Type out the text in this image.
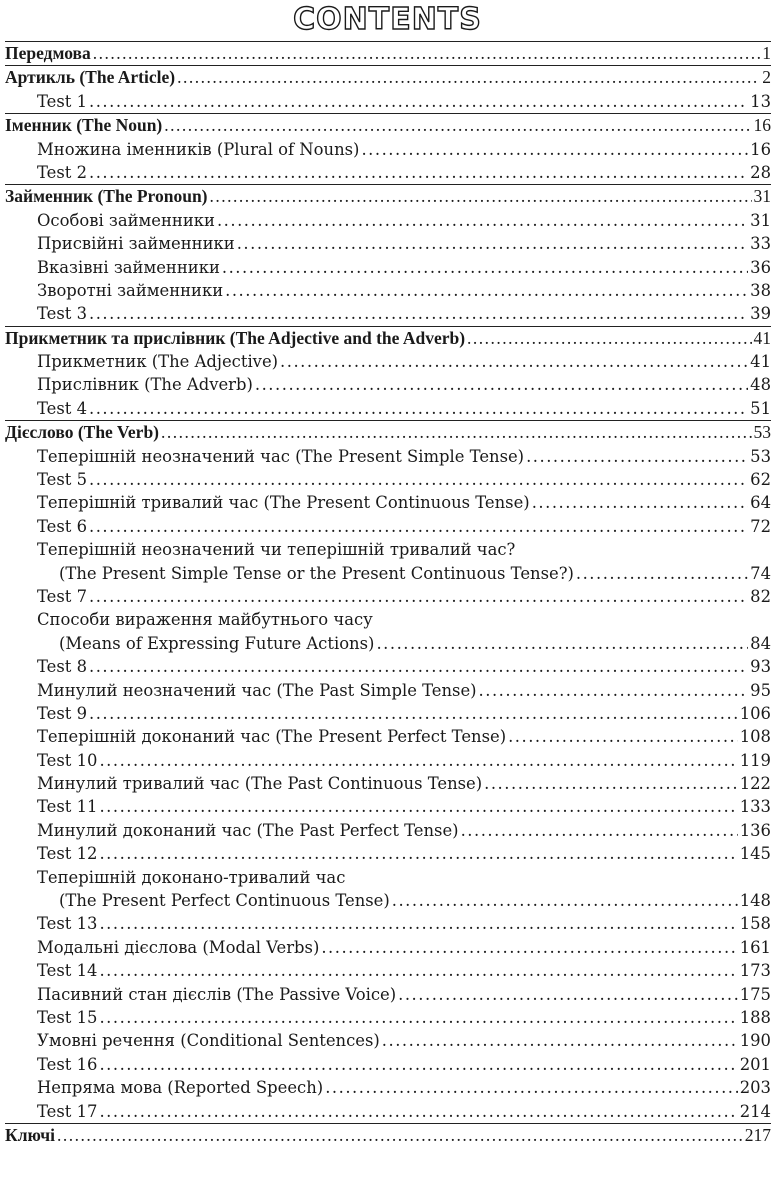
CONTENTS
Передмова .....	1
Артикль (The Article) .....	2
Test 1 .....	13
Іменник (The Noun) .....	16
Множина іменників (Plural of Nouns) .....	16
Test 2 .....	28
Займенник (The Pronoun) .....	31
Особові займенники .....	31
Присвійні займенники .....	33
Вказівні займенники .....	36
Зворотні займенники .....	38
Test 3 .....	39
Прикметник та прислівник (The Adjective and the Adverb) .....	41
Прикметник (The Adjective) .....	41
Прислівник (The Adverb) .....	48
Test 4 .....	51
Дієслово (The Verb) .....	53
Теперішній неозначений час (The Present Simple Tense) .....	53
Test 5 .....	62
Теперішній тривалий час (The Present Continuous Tense) .....	64
Test 6 .....	72
Теперішній неозначений чи теперішній тривалий час?
(The Present Simple Tense or the Present Continuous Tense?) .....	74
Test 7 .....	82
Способи вираження майбутнього часу
(Means of Expressing Future Actions) .....	84
Test 8 .....	93
Минулий неозначений час (The Past Simple Tense) .....	95
Test 9 .....	106
Теперішній доконаний час (The Present Perfect Tense) .....	108
Test 10 .....	119
Минулий тривалий час (The Past Continuous Tense) .....	122
Test 11 .....	133
Минулий доконаний час (The Past Perfect Tense) .....	136
Test 12 .....	145
Теперішній доконано-тривалий час
(The Present Perfect Continuous Tense) .....	148
Test 13 .....	158
Модальні дієслова (Modal Verbs) .....	161
Test 14 .....	173
Пасивний стан дієслів (The Passive Voice) .....	175
Test 15 .....	188
Умовні речення (Conditional Sentences) .....	190
Test 16 .....	201
Непряма мова (Reported Speech) .....	203
Test 17 .....	214
Ключі .....	217
